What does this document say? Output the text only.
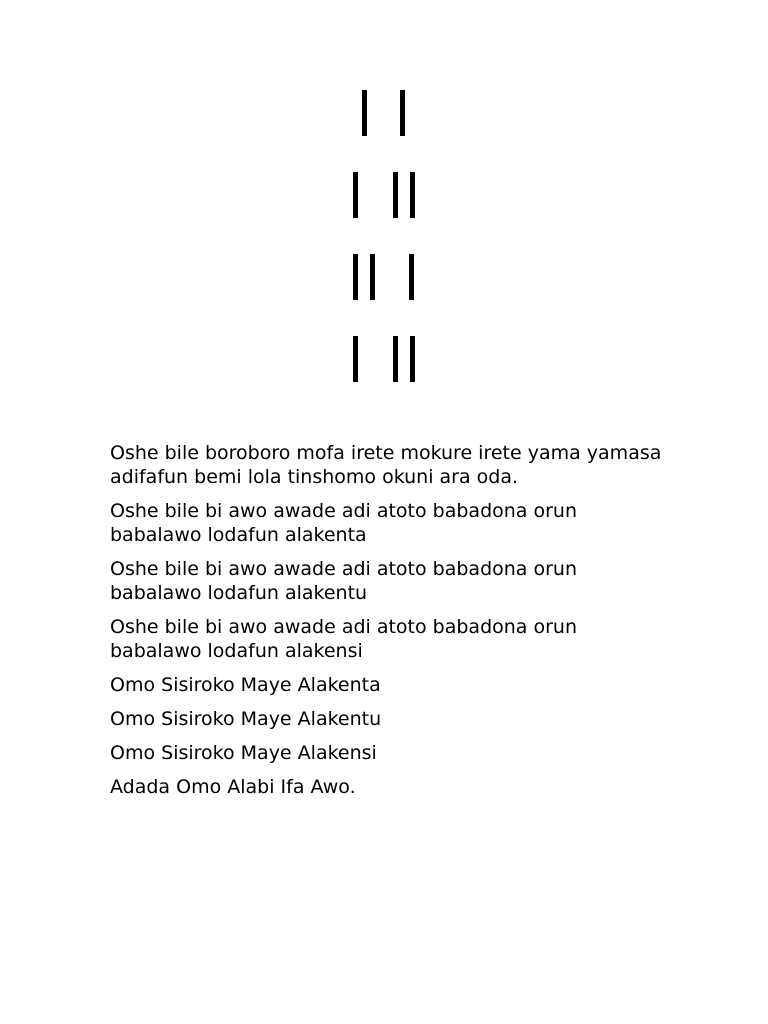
Oshe bile boroboro mofa irete mokure irete yama yamasa adifafun bemi lola tinshomo okuni ara oda.

Oshe bile bi awo awade adi atoto babadona orun babalawo lodafun alakenta

Oshe bile bi awo awade adi atoto babadona orun babalawo lodafun alakentu

Oshe bile bi awo awade adi atoto babadona orun babalawo lodafun alakensi

Omo Sisiroko Maye Alakenta

Omo Sisiroko Maye Alakentu

Omo Sisiroko Maye Alakensi

Adada Omo Alabi Ifa Awo.
